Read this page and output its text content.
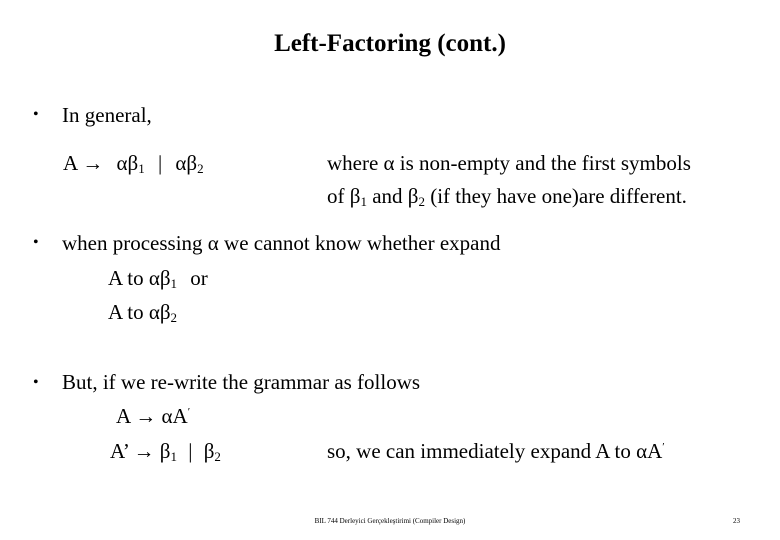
Left-Factoring (cont.)
• In general,
$A \to \alpha\beta_1$ | $\alpha\beta_2$	where α is non-empty and the first symbols
of $\beta_1$ and $\beta_2$ (if they have one)are different.
• when processing α we cannot know whether expand
A to $\alpha\beta_1$ or
A to $\alpha\beta_2$
• But, if we re-write the grammar as follows
A → αA′
A’ → $\beta_1$ | $\beta_2$	so, we can immediately expand A to αA′
BIL 744 Derleyici Gerçekleştirimi (Compiler Design)	23
